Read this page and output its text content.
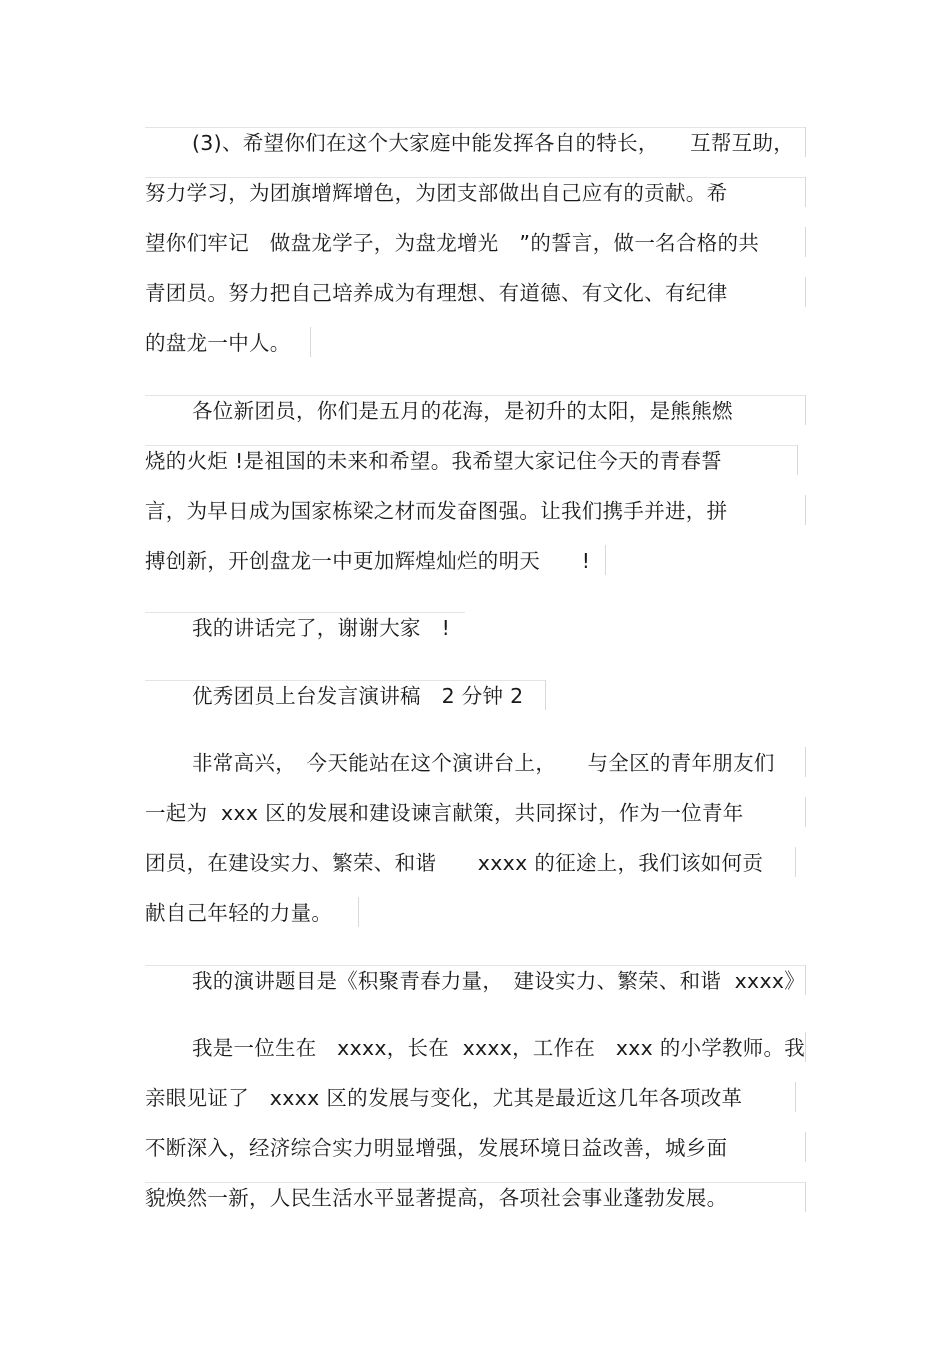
(3)、希望你们在这个大家庭中能发挥各自的特长，　　互帮互助，
努力学习，为团旗增辉增色，为团支部做出自己应有的贡献。希
望你们牢记　做盘龙学子，为盘龙增光　”的誓言，做一名合格的共
青团员。努力把自己培养成为有理想、有道德、有文化、有纪律
的盘龙一中人。
各位新团员，你们是五月的花海，是初升的太阳，是熊熊燃
烧的火炬 !是祖国的未来和希望。我希望大家记住今天的青春誓
言，为早日成为国家栋梁之材而发奋图强。让我们携手并进，拼
搏创新，开创盘龙一中更加辉煌灿烂的明天　　!
我的讲话完了，谢谢大家　!
优秀团员上台发言演讲稿　2 分钟 2
非常高兴，　今天能站在这个演讲台上，　　与全区的青年朋友们
一起为  xxx 区的发展和建设谏言献策，共同探讨，作为一位青年
团员，在建设实力、繁荣、和谐　　xxxx 的征途上，我们该如何贡
献自己年轻的力量。
我的演讲题目是《积聚青春力量，　建设实力、繁荣、和谐  xxxx》
我是一位生在　xxxx，长在  xxxx，工作在　xxx 的小学教师。我
亲眼见证了　xxxx 区的发展与变化，尤其是最近这几年各项改革
不断深入，经济综合实力明显增强，发展环境日益改善，城乡面
貌焕然一新，人民生活水平显著提高，各项社会事业蓬勃发展。
